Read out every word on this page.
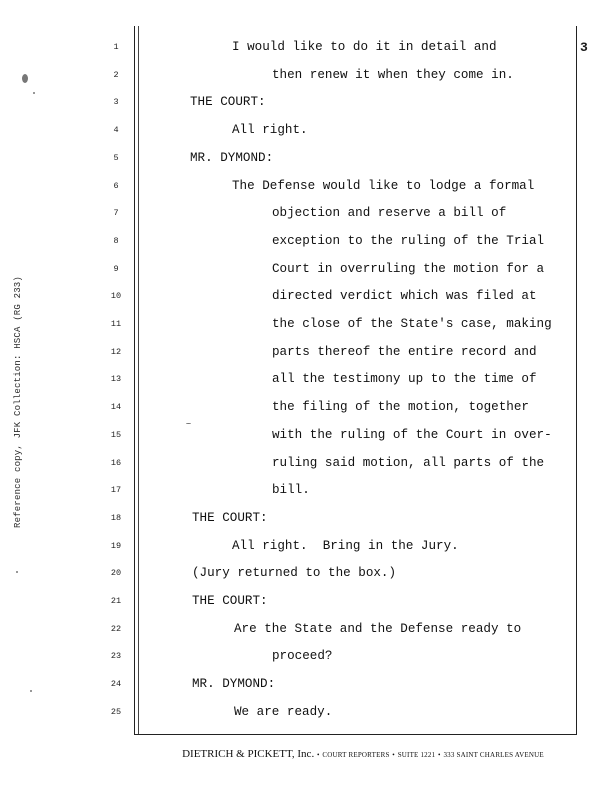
Reference copy, JFK Collection: HSCA (RG 233)
3
1	I would like to do it in detail and
2	then renew it when they come in.
3	THE COURT:
4	All right.
5	MR. DYMOND:
6	The Defense would like to lodge a formal
7	objection and reserve a bill of
8	exception to the ruling of the Trial
9	Court in overruling the motion for a
10	directed verdict which was filed at
11	the close of the State's case, making
12	parts thereof the entire record and
13	all the testimony up to the time of
14	the filing of the motion, together
15	with the ruling of the Court in over-
16	ruling said motion, all parts of the
17	bill.
18	THE COURT:
19	All right.  Bring in the Jury.
20	(Jury returned to the box.)
21	THE COURT:
22	Are the State and the Defense ready to
23	proceed?
24	MR. DYMOND:
25	We are ready.
DIETRICH & PICKETT, Inc. • COURT REPORTERS • SUITE 1221 • 333 SAINT CHARLES AVENUE
